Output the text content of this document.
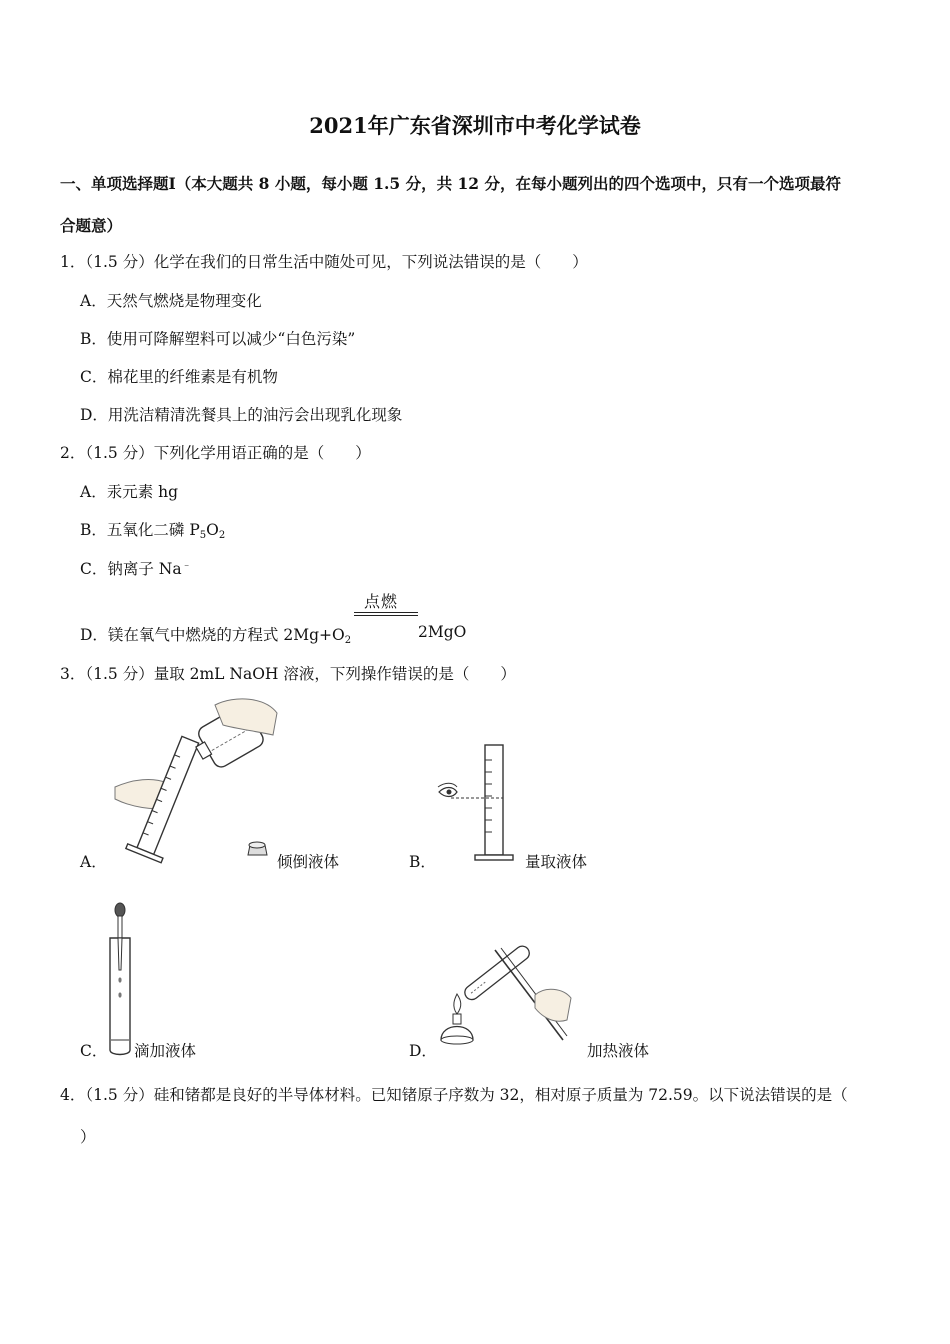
2021年广东省深圳市中考化学试卷
一、单项选择题Ⅰ（本大题共 8 小题，每小题 1.5 分，共 12 分，在每小题列出的四个选项中，只有一个选项最符
合题意）
1．（1.5 分）化学在我们的日常生活中随处可见，下列说法错误的是（　　）
A．天然气燃烧是物理变化
B．使用可降解塑料可以减少“白色污染”
C．棉花里的纤维素是有机物
D．用洗洁精清洗餐具上的油污会出现乳化现象
2．（1.5 分）下列化学用语正确的是（　　）
A．汞元素 hg
B．五氧化二磷 $P_5O_2$
C．钠离子 Na﹣
点燃
D．镁在氧气中燃烧的方程式 $2Mg+O_2$	2MgO
3．（1.5 分）量取 2mL NaOH 溶液，下列操作错误的是（　　）
A．	倾倒液体	B．	量取液体
C． 滴加液体	D．	加热液体
4．（1.5 分）硅和锗都是良好的半导体材料。已知锗原子序数为 32，相对原子质量为 72.59。以下说法错误的是（
）
